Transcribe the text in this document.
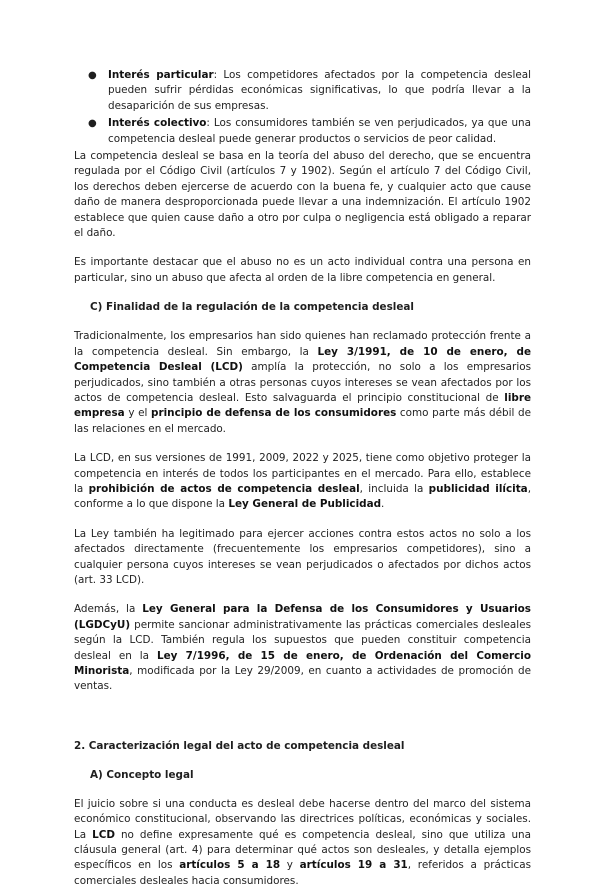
● Interés particular: Los competidores afectados por la competencia desleal pueden sufrir pérdidas económicas significativas, lo que podría llevar a la desaparición de sus empresas.
● Interés colectivo: Los consumidores también se ven perjudicados, ya que una competencia desleal puede generar productos o servicios de peor calidad.

La competencia desleal se basa en la teoría del abuso del derecho, que se encuentra regulada por el Código Civil (artículos 7 y 1902). Según el artículo 7 del Código Civil, los derechos deben ejercerse de acuerdo con la buena fe, y cualquier acto que cause daño de manera desproporcionada puede llevar a una indemnización. El artículo 1902 establece que quien cause daño a otro por culpa o negligencia está obligado a reparar el daño.

Es importante destacar que el abuso no es un acto individual contra una persona en particular, sino un abuso que afecta al orden de la libre competencia en general.

C) Finalidad de la regulación de la competencia desleal

Tradicionalmente, los empresarios han sido quienes han reclamado protección frente a la competencia desleal. Sin embargo, la Ley 3/1991, de 10 de enero, de Competencia Desleal (LCD) amplía la protección, no solo a los empresarios perjudicados, sino también a otras personas cuyos intereses se vean afectados por los actos de competencia desleal. Esto salvaguarda el principio constitucional de libre empresa y el principio de defensa de los consumidores como parte más débil de las relaciones en el mercado.

La LCD, en sus versiones de 1991, 2009, 2022 y 2025, tiene como objetivo proteger la competencia en interés de todos los participantes en el mercado. Para ello, establece la prohibición de actos de competencia desleal, incluida la publicidad ilícita, conforme a lo que dispone la Ley General de Publicidad.

La Ley también ha legitimado para ejercer acciones contra estos actos no solo a los afectados directamente (frecuentemente los empresarios competidores), sino a cualquier persona cuyos intereses se vean perjudicados o afectados por dichos actos (art. 33 LCD).

Además, la Ley General para la Defensa de los Consumidores y Usuarios (LGDCyU) permite sancionar administrativamente las prácticas comerciales desleales según la LCD. También regula los supuestos que pueden constituir competencia desleal en la Ley 7/1996, de 15 de enero, de Ordenación del Comercio Minorista, modificada por la Ley 29/2009, en cuanto a actividades de promoción de ventas.

2. Caracterización legal del acto de competencia desleal
A) Concepto legal

El juicio sobre si una conducta es desleal debe hacerse dentro del marco del sistema económico constitucional, observando las directrices políticas, económicas y sociales. La LCD no define expresamente qué es competencia desleal, sino que utiliza una cláusula general (art. 4) para determinar qué actos son desleales, y detalla ejemplos específicos en los artículos 5 a 18 y artículos 19 a 31, referidos a prácticas comerciales desleales hacia consumidores.
